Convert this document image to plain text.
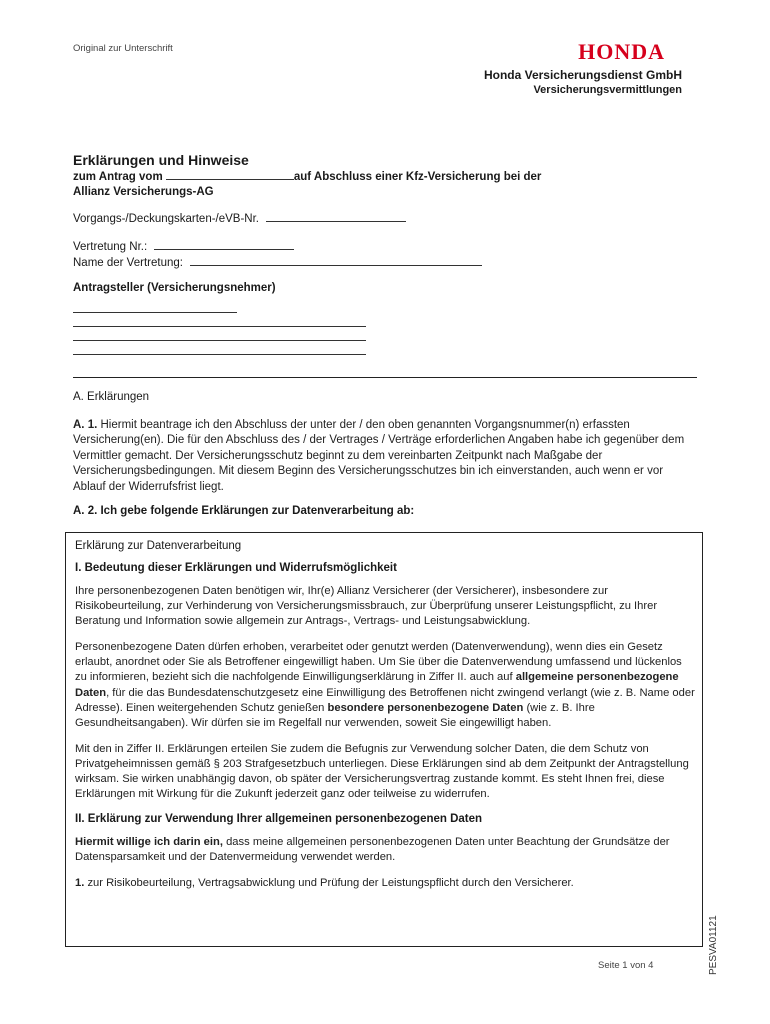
Original zur Unterschrift	HONDA
Honda Versicherungsdienst GmbH
Versicherungsvermittlungen
Erklärungen und Hinweise
zum Antrag vom	auf Abschluss einer Kfz-Versicherung bei der
Allianz Versicherungs-AG
Vorgangs-/Deckungskarten-/eVB-Nr.
Vertretung Nr.:
Name der Vertretung:
Antragsteller (Versicherungsnehmer)
A. Erklärungen
A. 1. Hiermit beantrage ich den Abschluss der unter der / den oben genannten Vorgangsnummer(n) erfassten Versicherung(en). Die für den Abschluss des / der Vertrages / Verträge erforderlichen Angaben habe ich gegenüber dem Vermittler gemacht. Der Versicherungsschutz beginnt zu dem vereinbarten Zeitpunkt nach Maßgabe der Versicherungsbedingungen. Mit diesem Beginn des Versicherungsschutzes bin ich einverstanden, auch wenn er vor Ablauf der Widerrufsfrist liegt.
A. 2. Ich gebe folgende Erklärungen zur Datenverarbeitung ab:

Erklärung zur Datenverarbeitung

I. Bedeutung dieser Erklärungen und Widerrufsmöglichkeit

Ihre personenbezogenen Daten benötigen wir, Ihr(e) Allianz Versicherer (der Versicherer), insbesondere zur Risikobeurteilung, zur Verhinderung von Versicherungsmissbrauch, zur Überprüfung unserer Leistungspflicht, zu Ihrer Beratung und Information sowie allgemein zur Antrags-, Vertrags- und Leistungsabwicklung.

Personenbezogene Daten dürfen erhoben, verarbeitet oder genutzt werden (Datenverwendung), wenn dies ein Gesetz erlaubt, anordnet oder Sie als Betroffener eingewilligt haben. Um Sie über die Datenverwendung umfassend und lückenlos zu informieren, bezieht sich die nachfolgende Einwilligungserklärung in Ziffer II. auch auf allgemeine personenbezogene Daten, für die das Bundesdatenschutzgesetz eine Einwilligung des Betroffenen nicht zwingend verlangt (wie z. B. Name oder Adresse). Einen weitergehenden Schutz genießen besondere personenbezogene Daten (wie z. B. Ihre Gesundheitsangaben). Wir dürfen sie im Regelfall nur verwenden, soweit Sie eingewilligt haben.

Mit den in Ziffer II. Erklärungen erteilen Sie zudem die Befugnis zur Verwendung solcher Daten, die dem Schutz von Privatgeheimnissen gemäß § 203 Strafgesetzbuch unterliegen. Diese Erklärungen sind ab dem Zeitpunkt der Antragstellung wirksam. Sie wirken unabhängig davon, ob später der Versicherungsvertrag zustande kommt. Es steht Ihnen frei, diese Erklärungen mit Wirkung für die Zukunft jederzeit ganz oder teilweise zu widerrufen.

II. Erklärung zur Verwendung Ihrer allgemeinen personenbezogenen Daten

Hiermit willige ich darin ein, dass meine allgemeinen personenbezogenen Daten unter Beachtung der Grundsätze der Datensparsamkeit und der Datenvermeidung verwendet werden.

1. zur Risikobeurteilung, Vertragsabwicklung und Prüfung der Leistungspflicht durch den Versicherer.

Seite 1 von 4	PESVA01121
